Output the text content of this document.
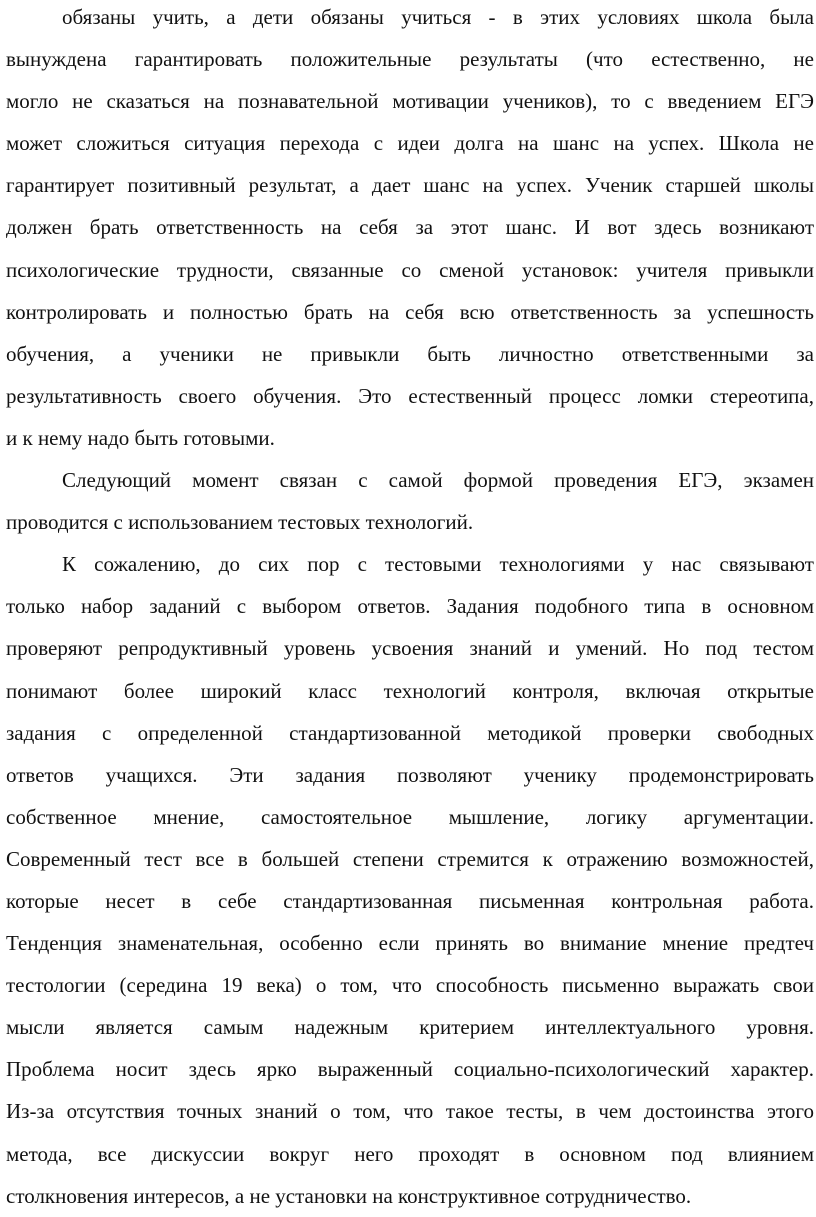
обязаны учить, а дети обязаны учиться - в этих условиях школа была
вынуждена гарантировать положительные результаты (что естественно, не
могло не сказаться на познавательной мотивации учеников), то с введением ЕГЭ
может сложиться ситуация перехода с идеи долга на шанс на успех. Школа не
гарантирует позитивный результат, а дает шанс на успех. Ученик старшей школы
должен брать ответственность на себя за этот шанс. И вот здесь возникают
психологические трудности, связанные со сменой установок: учителя привыкли
контролировать и полностью брать на себя всю ответственность за успешность
обучения, а ученики не привыкли быть личностно ответственными за
результативность своего обучения. Это естественный процесс ломки стереотипа,
и к нему надо быть готовыми.
Следующий момент связан с самой формой проведения ЕГЭ, экзамен
проводится с использованием тестовых технологий.
К сожалению, до сих пор с тестовыми технологиями у нас связывают
только набор заданий с выбором ответов. Задания подобного типа в основном
проверяют репродуктивный уровень усвоения знаний и умений. Но под тестом
понимают более широкий класс технологий контроля, включая открытые
задания с определенной стандартизованной методикой проверки свободных
ответов учащихся. Эти задания позволяют ученику продемонстрировать
собственное мнение, самостоятельное мышление, логику аргументации.
Современный тест все в большей степени стремится к отражению возможностей,
которые несет в себе стандартизованная письменная контрольная работа.
Тенденция знаменательная, особенно если принять во внимание мнение предтеч
тестологии (середина 19 века) о том, что способность письменно выражать свои
мысли является самым надежным критерием интеллектуального уровня.
Проблема носит здесь ярко выраженный социально-психологический характер.
Из-за отсутствия точных знаний о том, что такое тесты, в чем достоинства этого
метода, все дискуссии вокруг него проходят в основном под влиянием
столкновения интересов, а не установки на конструктивное сотрудничество.
